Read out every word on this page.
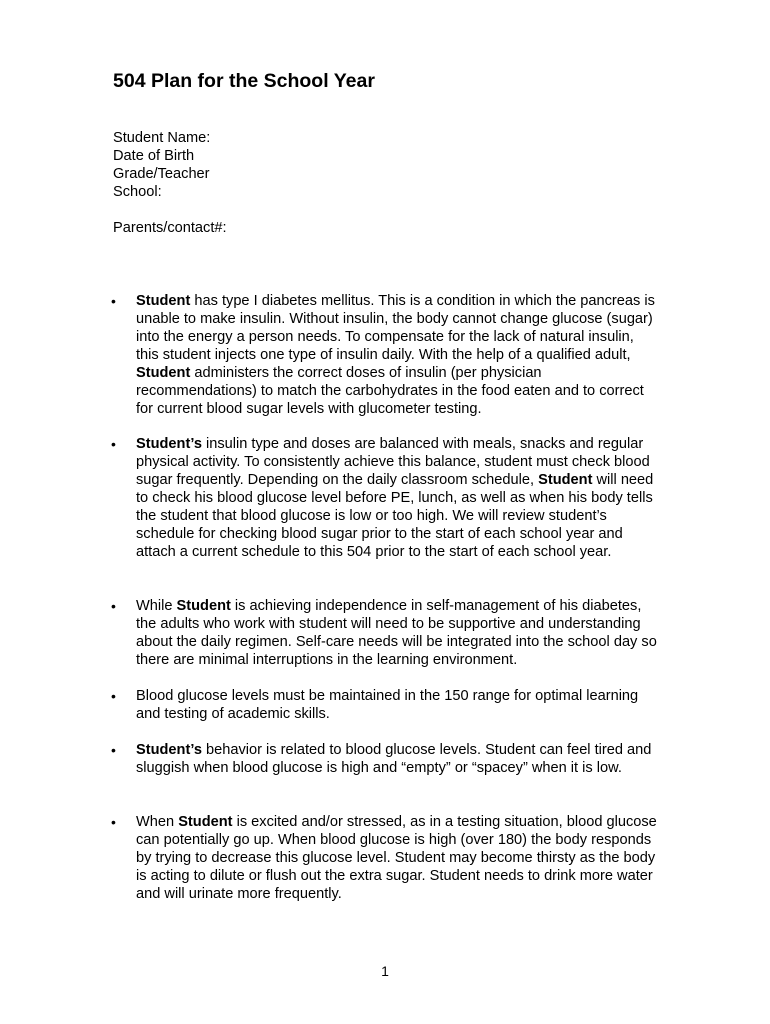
504 Plan for the School Year
Student Name:
Date of Birth
Grade/Teacher
School:
Parents/contact#:
• Student has type I diabetes mellitus. This is a condition in which the pancreas is unable to make insulin. Without insulin, the body cannot change glucose (sugar) into the energy a person needs. To compensate for the lack of natural insulin, this student injects one type of insulin daily. With the help of a qualified adult, Student administers the correct doses of insulin (per physician recommendations) to match the carbohydrates in the food eaten and to correct for current blood sugar levels with glucometer testing.

• Student’s insulin type and doses are balanced with meals, snacks and regular physical activity. To consistently achieve this balance, student must check blood sugar frequently. Depending on the daily classroom schedule, Student will need to check his blood glucose level before PE, lunch, as well as when his body tells the student that blood glucose is low or too high. We will review student’s schedule for checking blood sugar prior to the start of each school year and attach a current schedule to this 504 prior to the start of each school year.

• While Student is achieving independence in self-management of his diabetes, the adults who work with student will need to be supportive and understanding about the daily regimen. Self-care needs will be integrated into the school day so there are minimal interruptions in the learning environment.

• Blood glucose levels must be maintained in the 150 range for optimal learning and testing of academic skills.

• Student’s behavior is related to blood glucose levels. Student can feel tired and sluggish when blood glucose is high and “empty” or “spacey” when it is low.

• When Student is excited and/or stressed, as in a testing situation, blood glucose can potentially go up. When blood glucose is high (over 180) the body responds by trying to decrease this glucose level. Student may become thirsty as the body is acting to dilute or flush out the extra sugar. Student needs to drink more water and will urinate more frequently.

1
